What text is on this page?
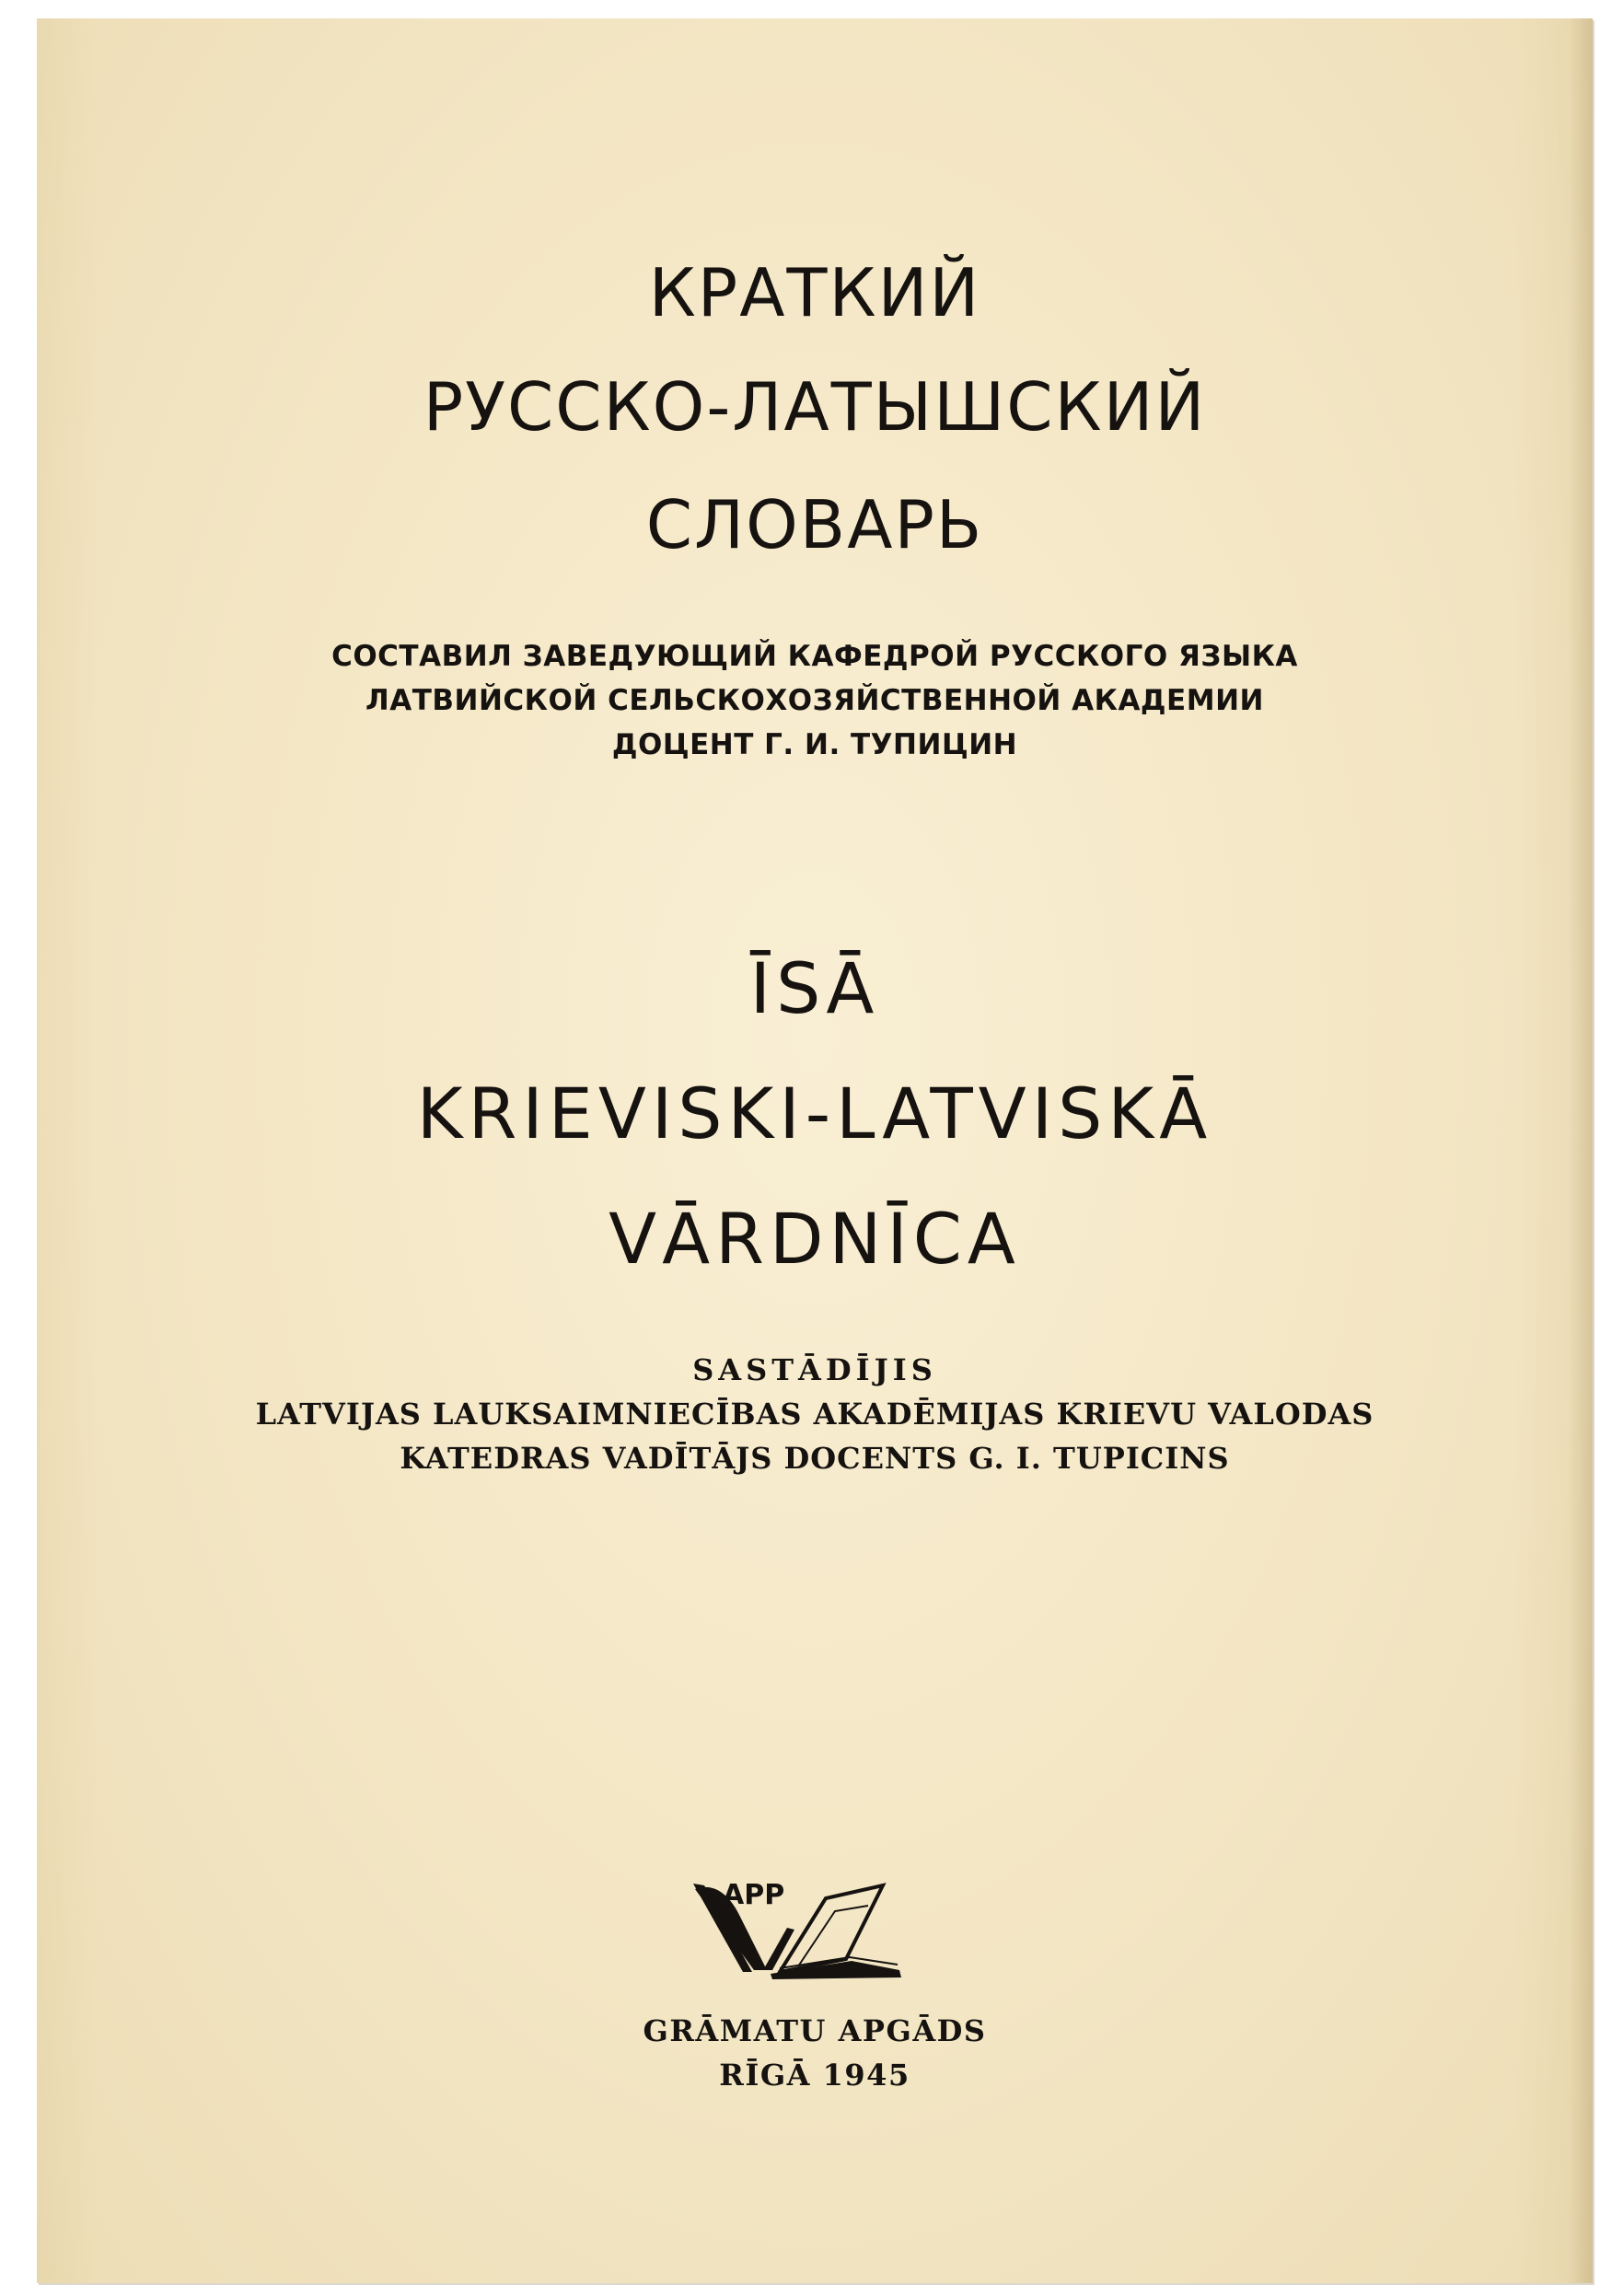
КРАТКИЙ
РУССКО-ЛАТЫШСКИЙ
СЛОВАРЬ
СОСТАВИЛ ЗАВЕДУЮЩИЙ КАФЕДРОЙ РУССКОГО ЯЗЫКА
ЛАТВИЙСКОЙ СЕЛЬСКОХОЗЯЙСТВЕННОЙ АКАДЕМИИ
ДОЦЕНТ Г. И. ТУПИЦИН
ĪSĀ
KRIEVISKI-LATVISKĀ
VĀRDNĪCA
SASTĀDĪJIS
LATVIJAS LAUKSAIMNIECĪBAS AKADĒMIJAS KRIEVU VALODAS
KATEDRAS VADĪTĀJS DOCENTS G. I. TUPICINS
APP
GRĀMATU APGĀDS
RĪGĀ 1945
